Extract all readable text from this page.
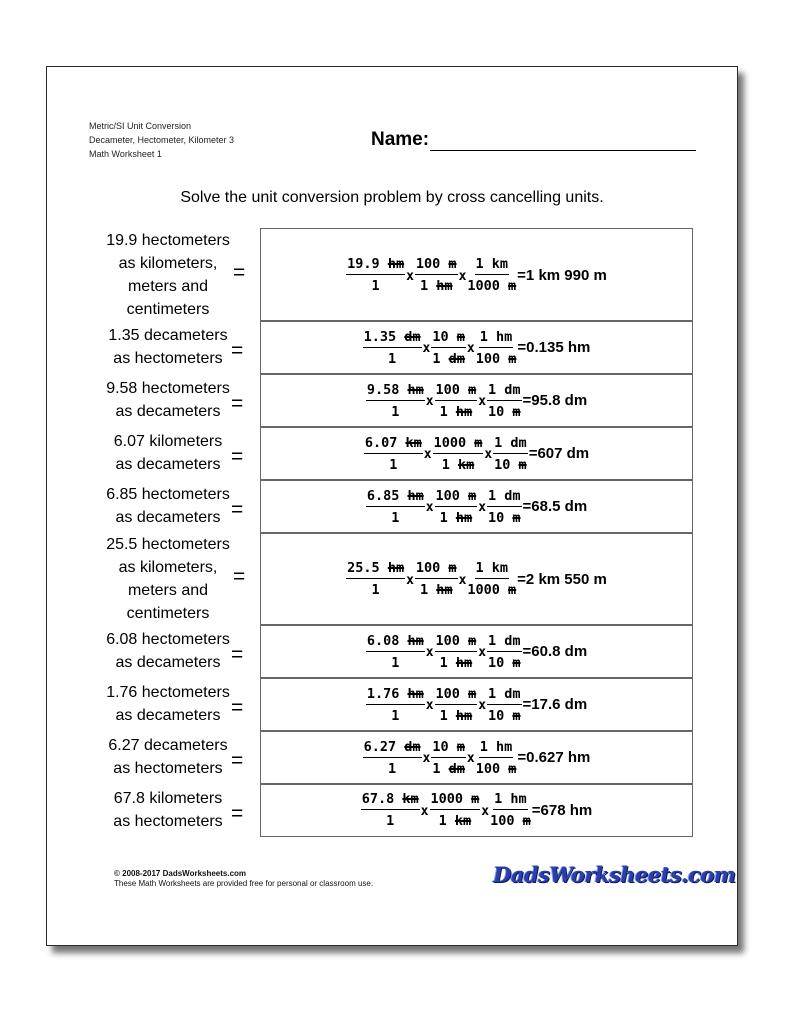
Metric/SI Unit Conversion
Decameter, Hectometer, Kilometer 3
Math Worksheet 1
Name:
Solve the unit conversion problem by cross cancelling units.
19.9 hectometers
as kilometers,
meters and
centimeters
=	$\frac{19.9 hm}{1}$ x $\frac{100 m}{1 hm}$ x $\frac{1 km}{1000 m} =1$ km 990 m
1.35 decameters
as hectometers =	$\frac{1.35 dm}{1}$ x $\frac{10 m}{1 dm}$ x $\frac{1 hm}{100 m} =0.135$ hm
9.58 hectometers
as decameters =	$\frac{9.58 hm}{1}$ x $\frac{100 m}{1 hm}$ x $\frac{1 dm}{10 m} =95.8$ dm
6.07 kilometers
as decameters =	$\frac{6.07 km}{1}$ x $\frac{1000 m}{1 km}$ x $\frac{1 dm}{10 m} =607$ dm
6.85 hectometers
as decameters =	$\frac{6.85 hm}{1}$ x $\frac{100 m}{1 hm}$ x $\frac{1 dm}{10 m} =68.5$ dm
25.5 hectometers
as kilometers,
meters and
centimeters
=	$\frac{25.5 hm}{1}$ x $\frac{100 m}{1 hm}$ x $\frac{1 km}{1000 m} =2$ km 550 m
6.08 hectometers
as decameters =	$\frac{6.08 hm}{1}$ x $\frac{100 m}{1 hm}$ x $\frac{1 dm}{10 m} =60.8$ dm
1.76 hectometers
as decameters =	$\frac{1.76 hm}{1}$ x $\frac{100 m}{1 hm}$ x $\frac{1 dm}{10 m} =17.6$ dm
6.27 decameters
as hectometers =	$\frac{6.27 dm}{1}$ x $\frac{10 m}{1 dm}$ x $\frac{1 hm}{100 m} =0.627$ hm
67.8 kilometers
as hectometers =	$\frac{67.8 km}{1}$ x $\frac{1000 m}{1 km}$ x $\frac{1 hm}{100 m} =678$ hm
© 2008-2017 DadsWorksheets.com
These Math Worksheets are provided free for personal or classroom use.	DadsWorksheets.com
